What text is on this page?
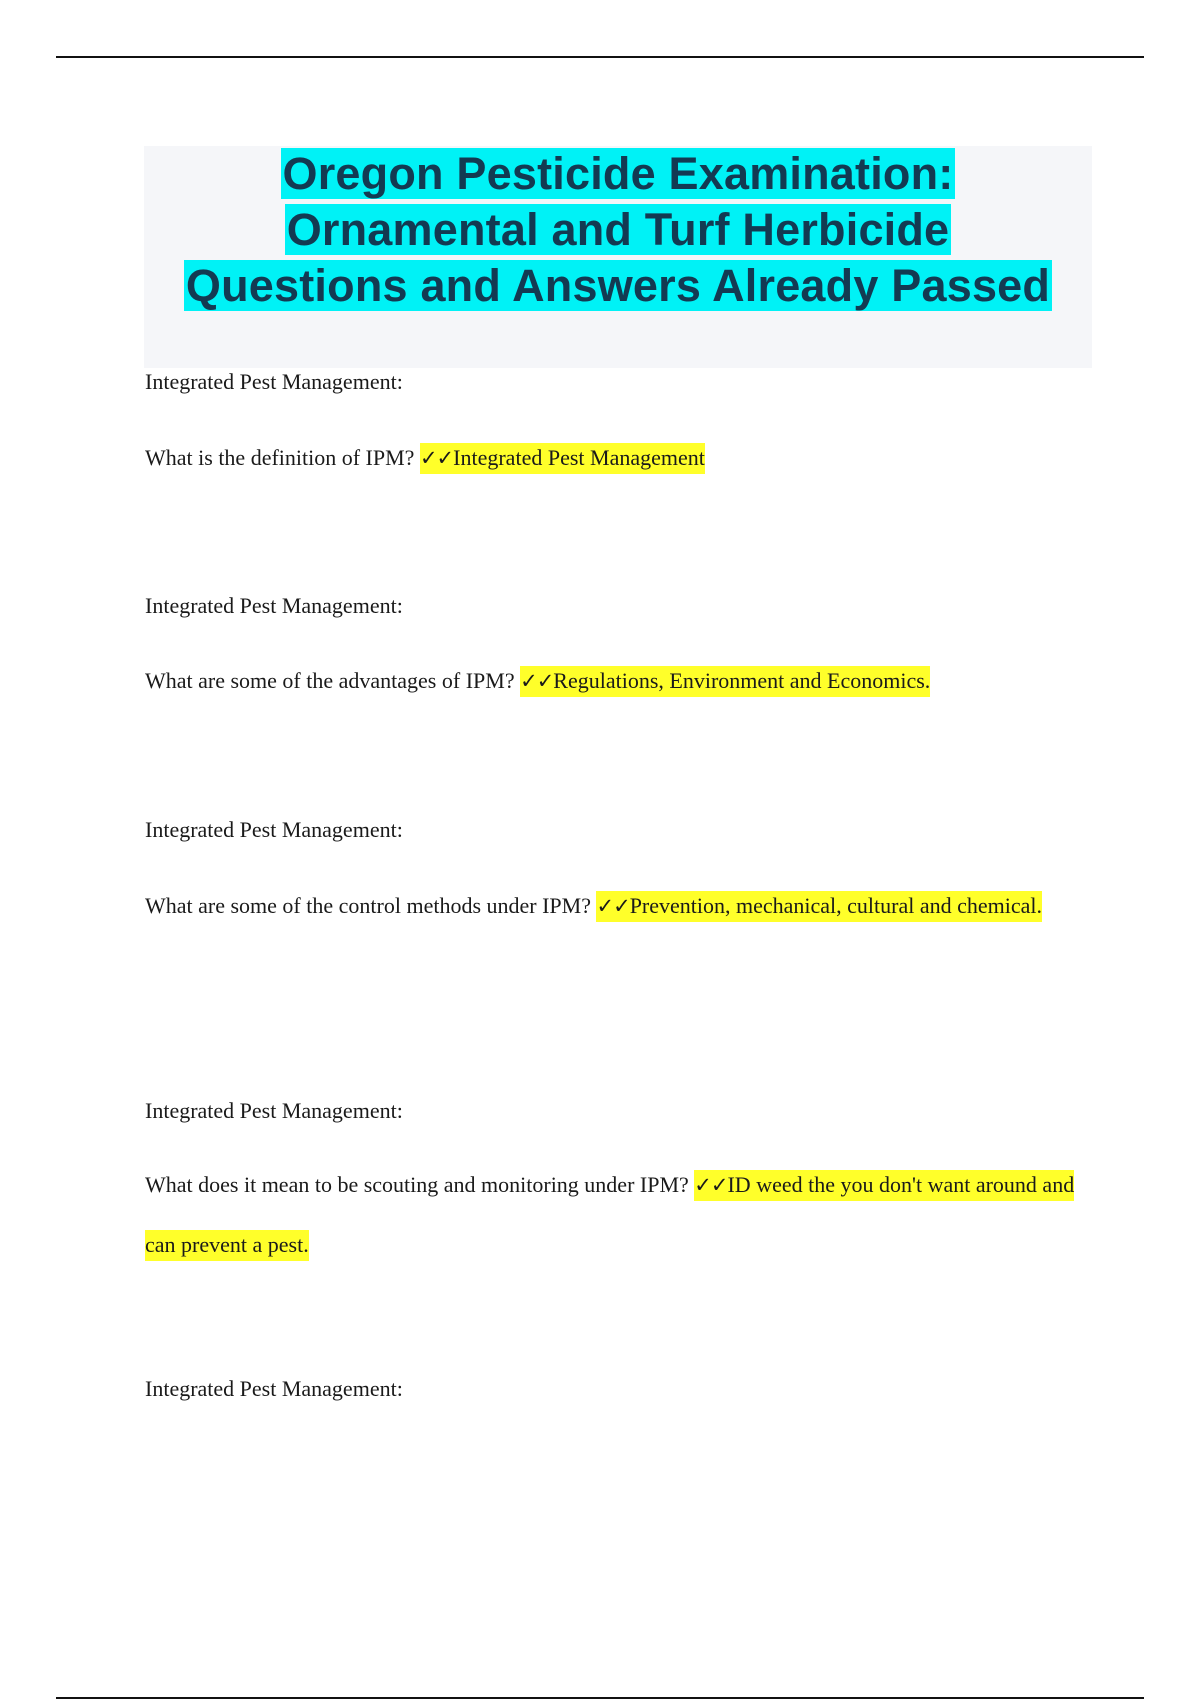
Oregon Pesticide Examination:
Ornamental and Turf Herbicide
Questions and Answers Already Passed
Integrated Pest Management:
What is the definition of IPM? ✓✓Integrated Pest Management
Integrated Pest Management:
What are some of the advantages of IPM? ✓✓Regulations, Environment and Economics.
Integrated Pest Management:
What are some of the control methods under IPM? ✓✓Prevention, mechanical, cultural and chemical.
Integrated Pest Management:
What does it mean to be scouting and monitoring under IPM? ✓✓ID weed the you don't want around and can prevent a pest.
Integrated Pest Management:
